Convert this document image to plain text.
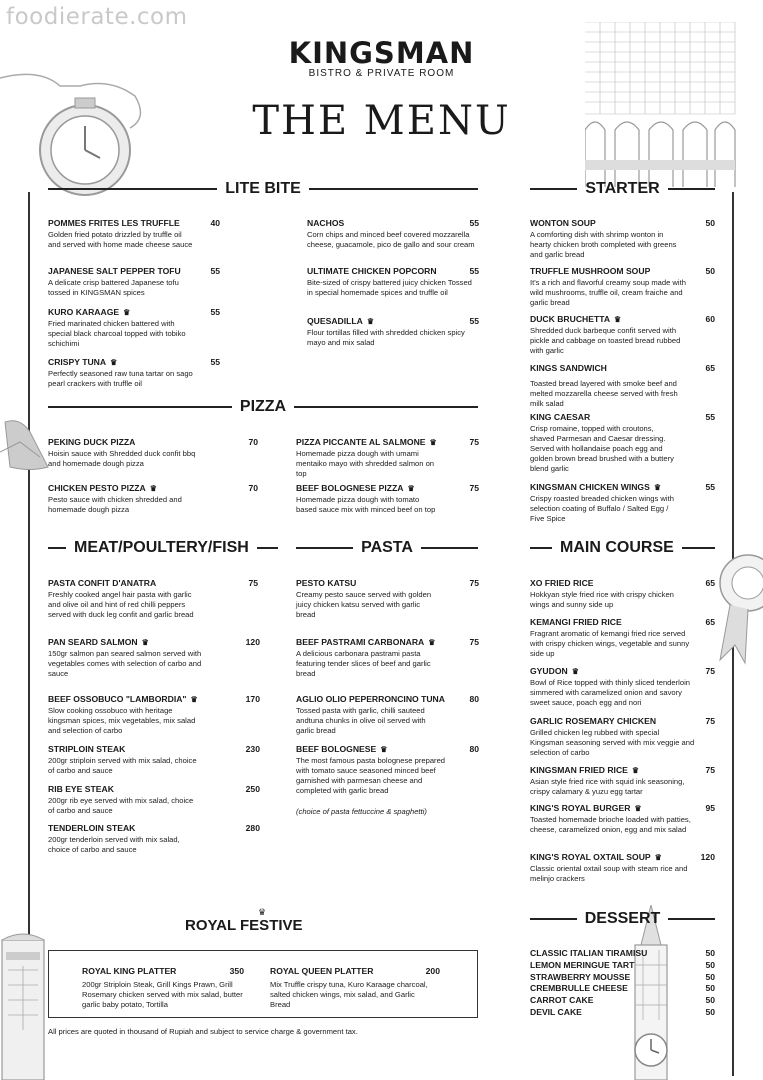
foodierate.com
KINGSMAN
BISTRO & PRIVATE ROOM
THE MENU
LITE BITE	STARTER
PIZZA
MEAT/POULTERY/FISH	PASTA	MAIN COURSE
DESSERT
POMMES FRITES LES TRUFFLE	40
Golden fried potato drizzled by truffle oil and served with home made cheese sauce
JAPANESE SALT PEPPER TOFU	55
A delicate crisp battered Japanese tofu tossed in KINGSMAN spices
KURO KARAAGE ♛	55
Fried marinated chicken battered with special black charcoal topped with tobiko schichimi
CRISPY TUNA ♛	55
Perfectly seasoned raw tuna tartar on sago pearl crackers with truffle oil
NACHOS	55
Corn chips and minced beef covered mozzarella cheese, guacamole, pico de gallo and sour cream
ULTIMATE CHICKEN POPCORN	55
Bite-sized of crispy battered juicy chicken Tossed in special homemade spices and truffle oil
QUESADILLA ♛	55
Flour tortillas filled with shredded chicken spicy mayo and mix salad
WONTON SOUP	50
A comforting dish with shrimp wonton in hearty chicken broth completed with greens and garlic bread
TRUFFLE MUSHROOM SOUP	50
It's a rich and flavorful creamy soup made with wild mushrooms, truffle oil, cream fraiche and garlic bread
DUCK BRUCHETTA ♛	60
Shredded duck barbeque confit served with pickle and cabbage on toasted bread rubbed with garlic
KINGS SANDWICH	65
Toasted bread layered with smoke beef and melted mozzarella cheese served with fresh milk salad
KING CAESAR	55
Crisp romaine, topped with croutons, shaved Parmesan and Caesar dressing. Served with hollandaise poach egg and golden brown bread brushed with a buttery blend garlic
KINGSMAN CHICKEN WINGS ♛	55
Crispy roasted breaded chicken wings with selection coating of Buffalo / Salted Egg / Five Spice
PEKING DUCK PIZZA	70
Hoisin sauce with Shredded duck confit bbq and homemade dough pizza
CHICKEN PESTO PIZZA ♛	70
Pesto sauce with chicken shredded and homemade dough pizza
PIZZA PICCANTE AL SALMONE ♛	75
Homemade pizza dough with umami mentaiko mayo with shredded salmon on top
BEEF BOLOGNESE PIZZA ♛	75
Homemade pizza dough with tomato based sauce mix with minced beef on top
PASTA CONFIT D'ANATRA	75
Freshly cooked angel hair pasta with garlic and olive oil and hint of red chilli peppers served with duck leg confit and garlic bread
PAN SEARD SALMON ♛	120
150gr salmon pan seared salmon served with vegetables comes with selection of carbo and sauce
BEEF OSSOBUCO "LAMBORDIA" ♛	170
Slow cooking ossobuco with heritage kingsman spices, mix vegetables, mix salad and selection of carbo
STRIPLOIN STEAK	230
200gr striploin served with mix salad, choice of carbo and sauce
RIB EYE STEAK	250
200gr rib eye served with mix salad, choice of carbo and sauce
TENDERLOIN STEAK	280
200gr tenderloin served with mix salad, choice of carbo and sauce
PESTO KATSU	75
Creamy pesto sauce served with golden juicy chicken katsu served with garlic bread
BEEF PASTRAMI CARBONARA ♛	75
A delicious carbonara pastrami pasta featuring tender slices of beef and garlic bread
AGLIO OLIO PEPERRONCINO TUNA	80
Tossed pasta with garlic, chilli sauteed andtuna chunks in olive oil served with garlic bread
BEEF BOLOGNESE ♛	80
The most famous pasta bolognese prepared with tomato sauce seasoned minced beef garnished with parmesan cheese and completed with garlic bread
(choice of pasta fettuccine & spaghetti)
XO FRIED RICE	65
Hokkyan style fried rice with crispy chicken wings and sunny side up
KEMANGI FRIED RICE	65
Fragrant aromatic of kemangi fried rice served with crispy chicken wings, vegetable and sunny side up
GYUDON ♛	75
Bowl of Rice topped with thinly sliced tenderloin simmered with caramelized onion and savory sweet sauce, poach egg and nori
GARLIC ROSEMARY CHICKEN	75
Grilled chicken leg rubbed with special Kingsman seasoning served with mix veggie and selection of carbo
KINGSMAN FRIED RICE ♛	75
Asian style fried rice with squid ink seasoning, crispy calamary & yuzu egg tartar
KING'S ROYAL BURGER ♛	95
Toasted homemade brioche loaded with patties, cheese, caramelized onion, egg and mix salad
KING'S ROYAL OXTAIL SOUP ♛	120
Classic oriental oxtail soup with steam rice and melinjo crackers
♛
ROYAL FESTIVE
ROYAL KING PLATTER	350
200gr Striploin Steak, Grill Kings Prawn, Grill Rosemary chicken served with mix salad, butter garlic baby potato, Tortilla
ROYAL QUEEN PLATTER	200
Mix Truffle crispy tuna, Kuro Karaage charcoal, salted chicken wings, mix salad, and Garlic Bread
CLASSIC ITALIAN TIRAMISU	50
LEMON MERINGUE TART	50
STRAWBERRY MOUSSE	50
CREMBRULLE CHEESE	50
CARROT CAKE	50
DEVIL CAKE	50
All prices are quoted in thousand of Rupiah and subject to service charge & government tax.
